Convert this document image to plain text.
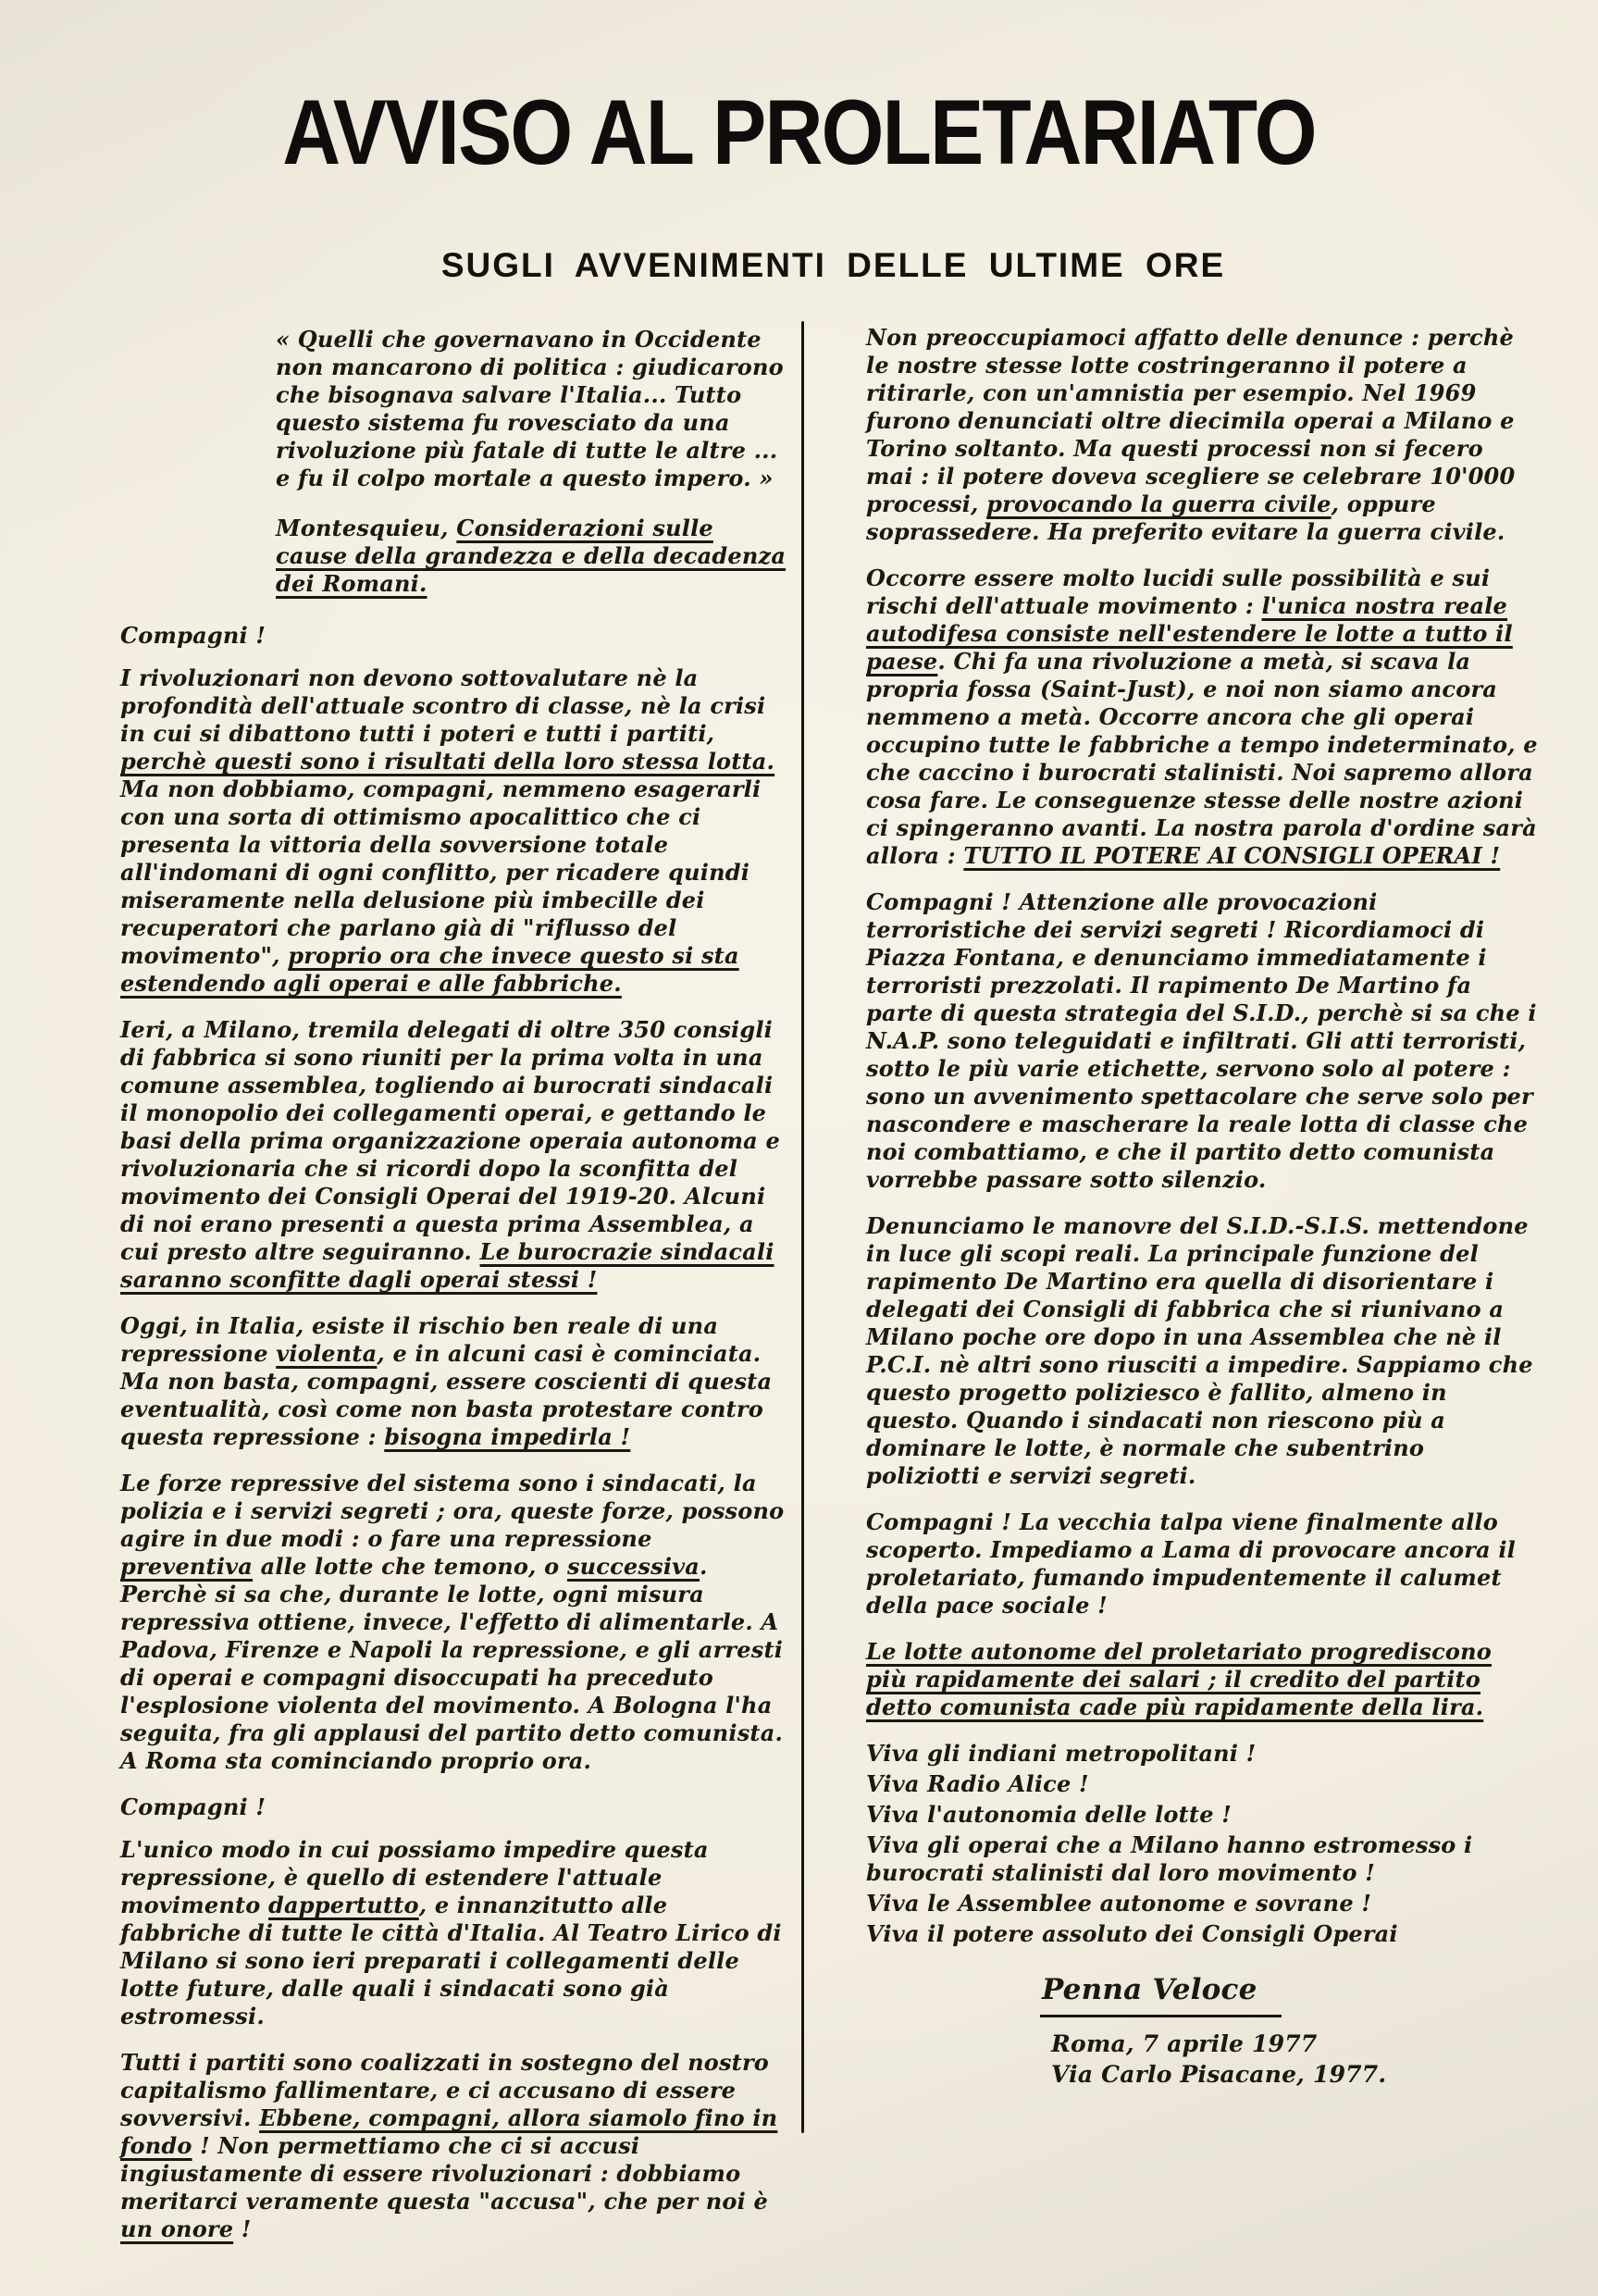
AVVISO AL PROLETARIATO
SUGLI AVVENIMENTI DELLE ULTIME ORE
« Quelli che governavano in Occidente non mancarono di politica : giudicarono che bisognava salvare l'Italia... Tutto questo sistema fu rovesciato da una rivoluzione più fatale di tutte le altre ... e fu il colpo mortale a questo impero. »
Montesquieu, Considerazioni sulle cause della grandezza e della decadenza dei Romani.
Compagni !
I rivoluzionari non devono sottovalutare nè la profondità dell'attuale scontro di classe, nè la crisi in cui si dibattono tutti i poteri e tutti i partiti, perchè questi sono i risultati della loro stessa lotta. Ma non dobbiamo, compagni, nemmeno esagerarli con una sorta di ottimismo apocalittico che ci presenta la vittoria della sovversione totale all'indomani di ogni conflitto, per ricadere quindi miseramente nella delusione più imbecille dei recuperatori che parlano già di "riflusso del movimento", proprio ora che invece questo si sta estendendo agli operai e alle fabbriche.
Ieri, a Milano, tremila delegati di oltre 350 consigli di fabbrica si sono riuniti per la prima volta in una comune assemblea, togliendo ai burocrati sindacali il monopolio dei collegamenti operai, e gettando le basi della prima organizzazione operaia autonoma e rivoluzionaria che si ricordi dopo la sconfitta del movimento dei Consigli Operai del 1919-20. Alcuni di noi erano presenti a questa prima Assemblea, a cui presto altre seguiranno. Le burocrazie sindacali saranno sconfitte dagli operai stessi !
Oggi, in Italia, esiste il rischio ben reale di una repressione violenta, e in alcuni casi è cominciata. Ma non basta, compagni, essere coscienti di questa eventualità, così come non basta protestare contro questa repressione : bisogna impedirla !
Le forze repressive del sistema sono i sindacati, la polizia e i servizi segreti ; ora, queste forze, possono agire in due modi : o fare una repressione preventiva alle lotte che temono, o successiva. Perchè si sa che, durante le lotte, ogni misura repressiva ottiene, invece, l'effetto di alimentarle. A Padova, Firenze e Napoli la repressione, e gli arresti di operai e compagni disoccupati ha preceduto l'esplosione violenta del movimento. A Bologna l'ha seguita, fra gli applausi del partito detto comunista. A Roma sta cominciando proprio ora.
Compagni !
L'unico modo in cui possiamo impedire questa repressione, è quello di estendere l'attuale movimento dappertutto, e innanzitutto alle fabbriche di tutte le città d'Italia. Al Teatro Lirico di Milano si sono ieri preparati i collegamenti delle lotte future, dalle quali i sindacati sono già estromessi.
Tutti i partiti sono coalizzati in sostegno del nostro capitalismo fallimentare, e ci accusano di essere sovversivi. Ebbene, compagni, allora siamolo fino in fondo ! Non permettiamo che ci si accusi ingiustamente di essere rivoluzionari : dobbiamo meritarci veramente questa "accusa", che per noi è un onore !
Non preoccupiamoci affatto delle denunce : perchè le nostre stesse lotte costringeranno il potere a ritirarle, con un'amnistia per esempio. Nel 1969 furono denunciati oltre diecimila operai a Milano e Torino soltanto. Ma questi processi non si fecero mai : il potere doveva scegliere se celebrare 10'000 processi, provocando la guerra civile, oppure soprassedere. Ha preferito evitare la guerra civile.
Occorre essere molto lucidi sulle possibilità e sui rischi dell'attuale movimento : l'unica nostra reale autodifesa consiste nell'estendere le lotte a tutto il paese. Chi fa una rivoluzione a metà, si scava la propria fossa (Saint-Just), e noi non siamo ancora nemmeno a metà. Occorre ancora che gli operai occupino tutte le fabbriche a tempo indeterminato, e che caccino i burocrati stalinisti. Noi sapremo allora cosa fare. Le conseguenze stesse delle nostre azioni ci spingeranno avanti. La nostra parola d'ordine sarà allora : TUTTO IL POTERE AI CONSIGLI OPERAI !
Compagni ! Attenzione alle provocazioni terroristiche dei servizi segreti ! Ricordiamoci di Piazza Fontana, e denunciamo immediatamente i terroristi prezzolati. Il rapimento De Martino fa parte di questa strategia del S.I.D., perchè si sa che i N.A.P. sono teleguidati e infiltrati. Gli atti terroristi, sotto le più varie etichette, servono solo al potere : sono un avvenimento spettacolare che serve solo per nascondere e mascherare la reale lotta di classe che noi combattiamo, e che il partito detto comunista vorrebbe passare sotto silenzio.
Denunciamo le manovre del S.I.D.-S.I.S. mettendone in luce gli scopi reali. La principale funzione del rapimento De Martino era quella di disorientare i delegati dei Consigli di fabbrica che si riunivano a Milano poche ore dopo in una Assemblea che nè il P.C.I. nè altri sono riusciti a impedire. Sappiamo che questo progetto poliziesco è fallito, almeno in questo. Quando i sindacati non riescono più a dominare le lotte, è normale che subentrino poliziotti e servizi segreti.
Compagni ! La vecchia talpa viene finalmente allo scoperto. Impediamo a Lama di provocare ancora il proletariato, fumando impudentemente il calumet della pace sociale !
Le lotte autonome del proletariato progrediscono più rapidamente dei salari ; il credito del partito detto comunista cade più rapidamente della lira.
Viva gli indiani metropolitani !
Viva Radio Alice !
Viva l'autonomia delle lotte !
Viva gli operai che a Milano hanno estromesso i burocrati stalinisti dal loro movimento !
Viva le Assemblee autonome e sovrane !
Viva il potere assoluto dei Consigli Operai
Penna Veloce
Roma, 7 aprile 1977
Via Carlo Pisacane, 1977.
